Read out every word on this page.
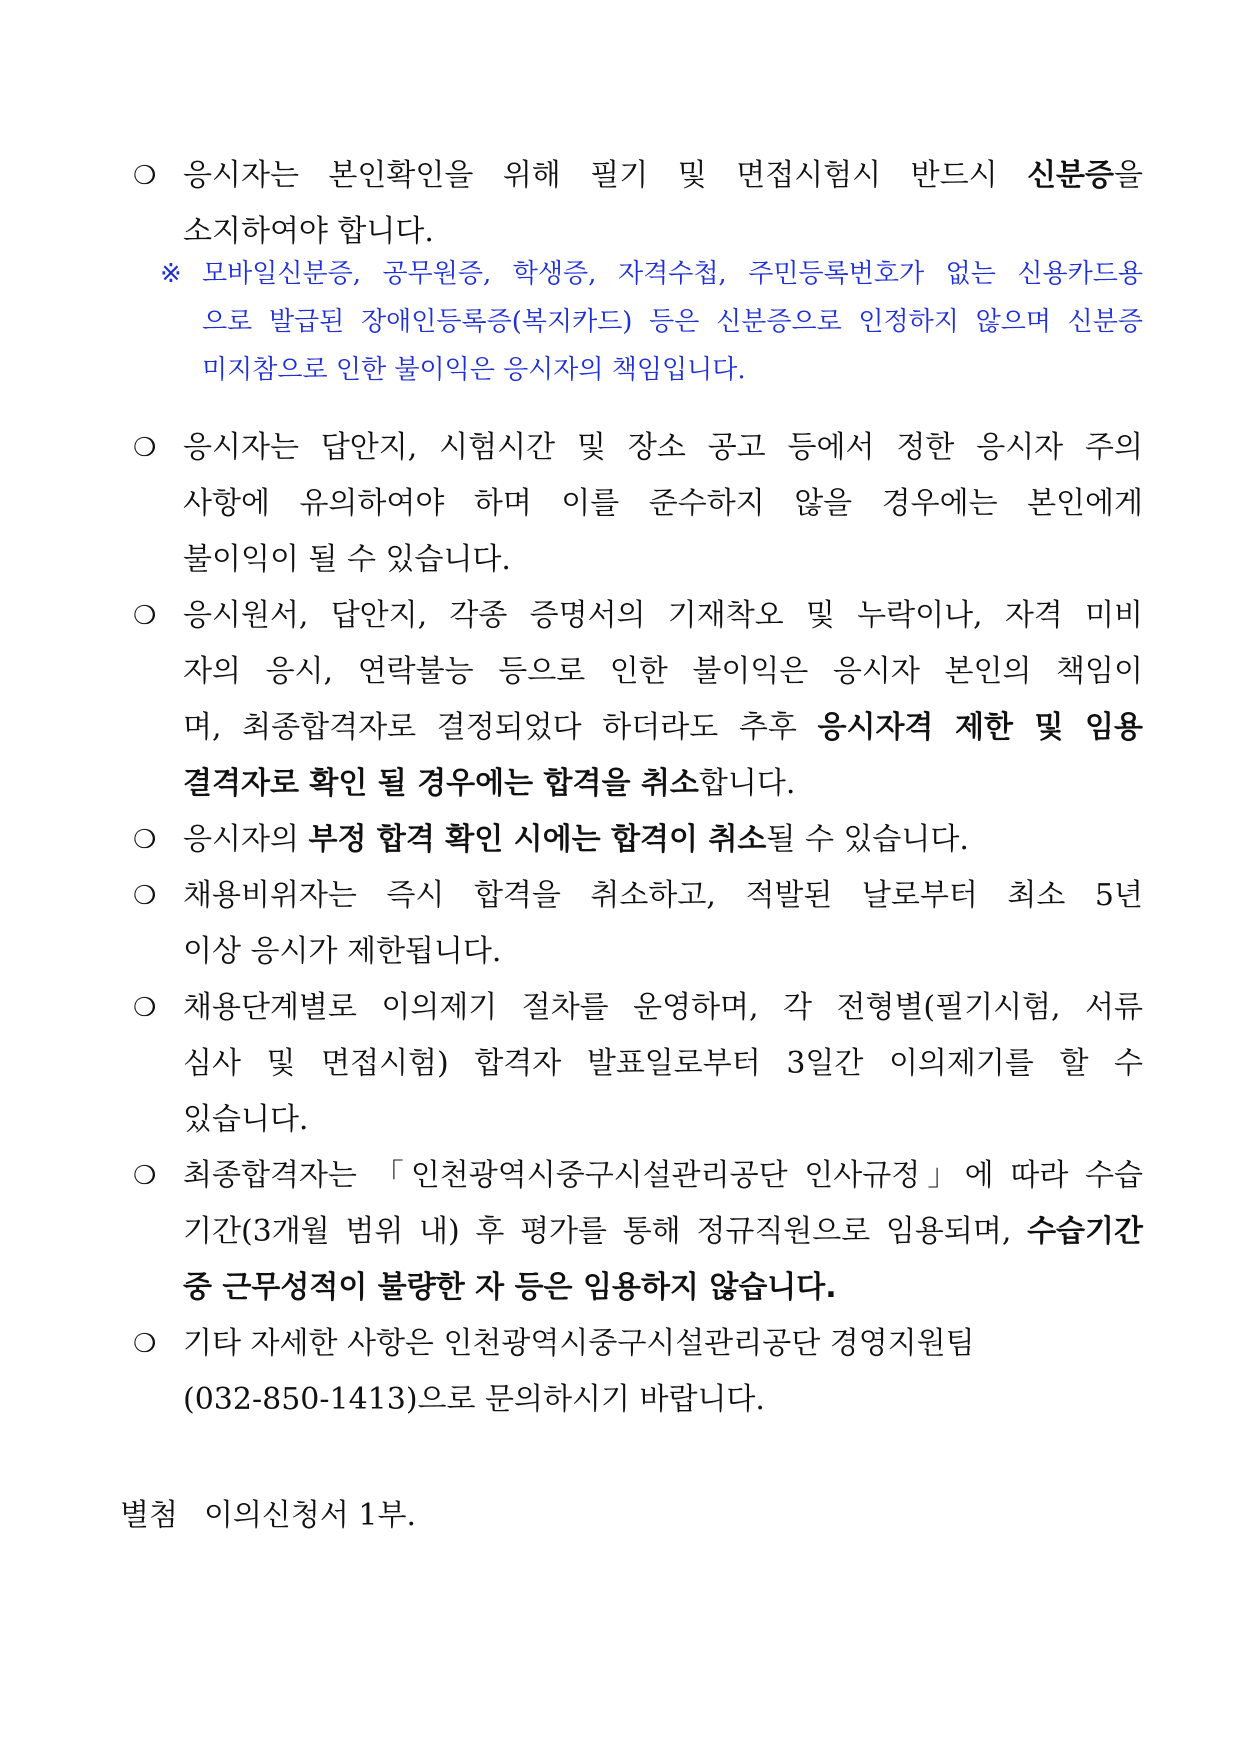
❍ 응시자는 본인확인을 위해 필기 및 면접시험시 반드시 신분증을
소지하여야 합니다.
※ 모바일신분증, 공무원증, 학생증, 자격수첩, 주민등록번호가 없는 신용카드용
으로 발급된 장애인등록증(복지카드) 등은 신분증으로 인정하지 않으며 신분증
미지참으로 인한 불이익은 응시자의 책임입니다.
❍ 응시자는 답안지, 시험시간 및 장소 공고 등에서 정한 응시자 주의
사항에 유의하여야 하며 이를 준수하지 않을 경우에는 본인에게
불이익이 될 수 있습니다.
❍ 응시원서, 답안지, 각종 증명서의 기재착오 및 누락이나, 자격 미비
자의 응시, 연락불능 등으로 인한 불이익은 응시자 본인의 책임이
며, 최종합격자로 결정되었다 하더라도 추후 응시자격 제한 및 임용
결격자로 확인 될 경우에는 합격을 취소합니다.
❍ 응시자의 부정 합격 확인 시에는 합격이 취소될 수 있습니다.
❍ 채용비위자는 즉시 합격을 취소하고, 적발된 날로부터 최소 5년
이상 응시가 제한됩니다.
❍ 채용단계별로 이의제기 절차를 운영하며, 각 전형별(필기시험, 서류
심사 및 면접시험) 합격자 발표일로부터 3일간 이의제기를 할 수
있습니다.
❍ 최종합격자는 「인천광역시중구시설관리공단 인사규정」에 따라 수습
기간(3개월 범위 내) 후 평가를 통해 정규직원으로 임용되며, 수습기간
중 근무성적이 불량한 자 등은 임용하지 않습니다.
❍ 기타 자세한 사항은 인천광역시중구시설관리공단 경영지원팀
(032-850-1413)으로 문의하시기 바랍니다.
별첨 이의신청서 1부.
